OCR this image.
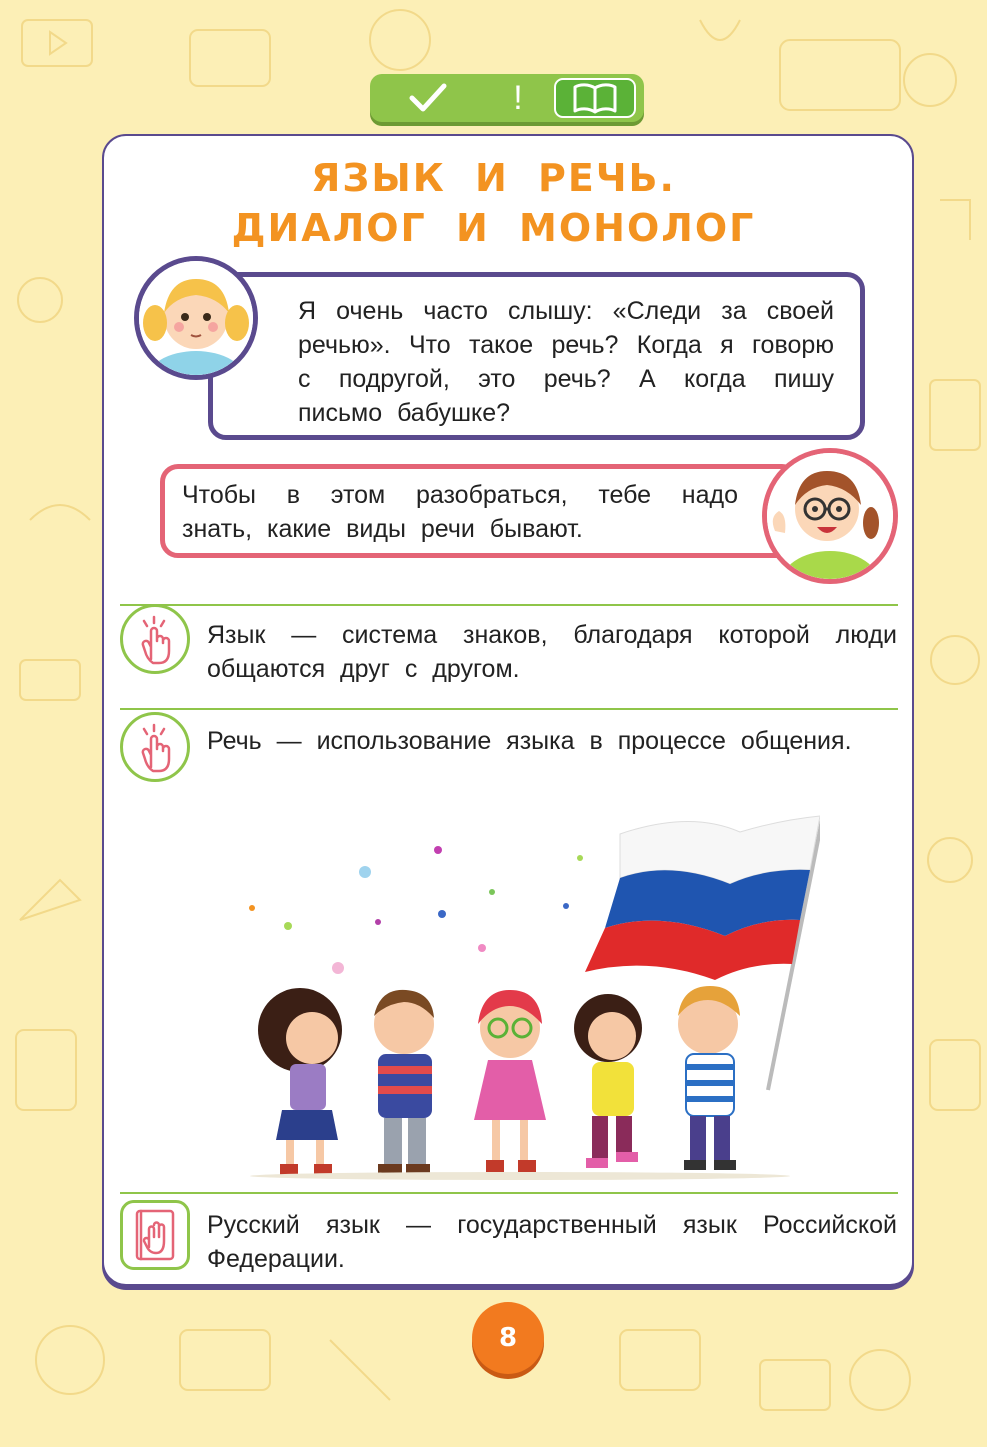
!
ЯЗЫК И РЕЧЬ.
ДИАЛОГ И МОНОЛОГ
Я очень часто слышу: «Следи за своей речью». Что такое речь? Когда я говорю с подругой, это речь? А когда пишу письмо бабушке?
Чтобы в этом разобраться, тебе надо знать, какие виды речи бывают.
Язык — система знаков, благодаря которой люди общаются друг с другом.
Речь — использование языка в процессе общения.
Русский язык — государственный язык Российской Федерации.
8
